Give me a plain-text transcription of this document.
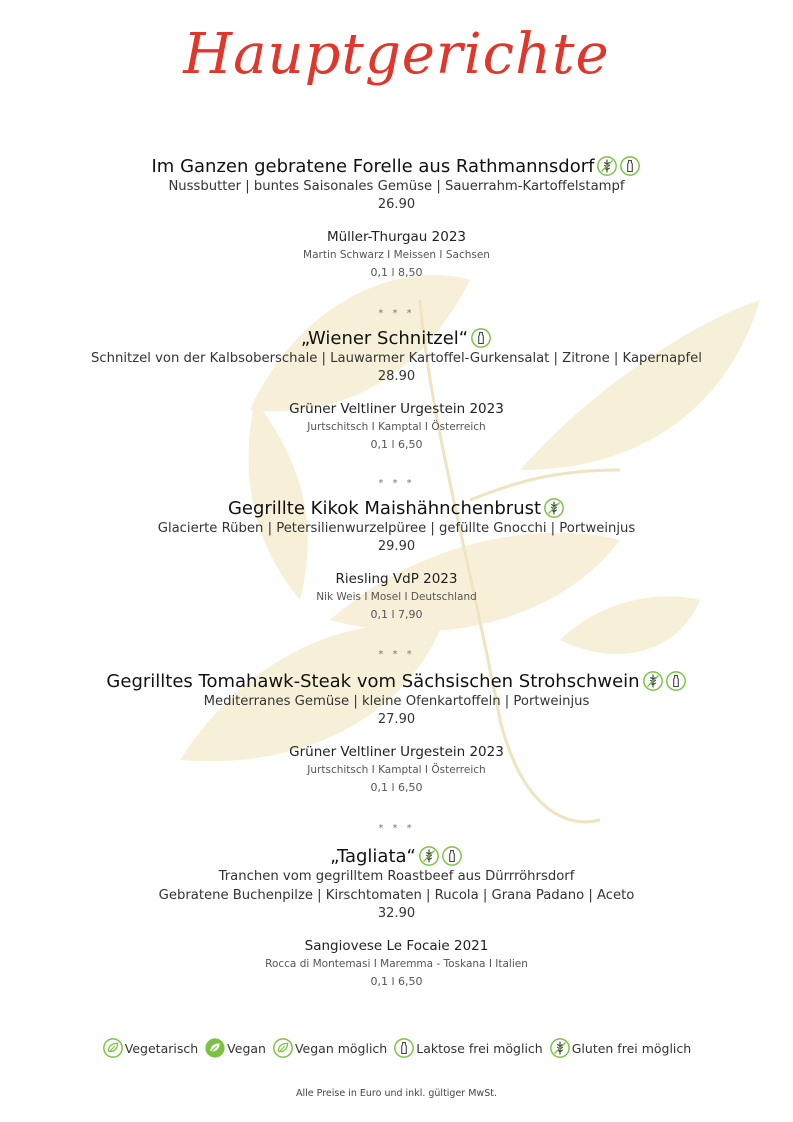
Hauptgerichte
Im Ganzen gebratene Forelle aus Rathmannsdorf
Nussbutter | buntes Saisonales Gemüse | Sauerrahm-Kartoffelstampf
26.90
Müller-Thurgau 2023
Martin Schwarz I Meissen I Sachsen
0,1 l 8,50
* * *
„Wiener Schnitzel“
Schnitzel von der Kalbsoberschale | Lauwarmer Kartoffel-Gurkensalat | Zitrone | Kapernapfel
28.90
Grüner Veltliner Urgestein 2023
Jurtschitsch I Kamptal I Österreich
0,1 l 6,50
* * *
Gegrillte Kikok Maishähnchenbrust
Glacierte Rüben | Petersilienwurzelpüree | gefüllte Gnocchi | Portweinjus
29.90
Riesling VdP 2023
Nik Weis I Mosel I Deutschland
0,1 l 7,90
* * *
Gegrilltes Tomahawk-Steak vom Sächsischen Strohschwein
Mediterranes Gemüse | kleine Ofenkartoffeln | Portweinjus
27.90
Grüner Veltliner Urgestein 2023
Jurtschitsch I Kamptal I Österreich
0,1 l 6,50
* * *
„Tagliata“
Tranchen vom gegrilltem Roastbeef aus Dürrröhrsdorf
Gebratene Buchenpilze | Kirschtomaten | Rucola | Grana Padano | Aceto
32.90
Sangiovese Le Focaie 2021
Rocca di Montemasi I Maremma - Toskana I Italien
0,1 l 6,50
Vegetarisch Vegan Vegan möglich Laktose frei möglich Gluten frei möglich
Alle Preise in Euro und inkl. gültiger MwSt.
